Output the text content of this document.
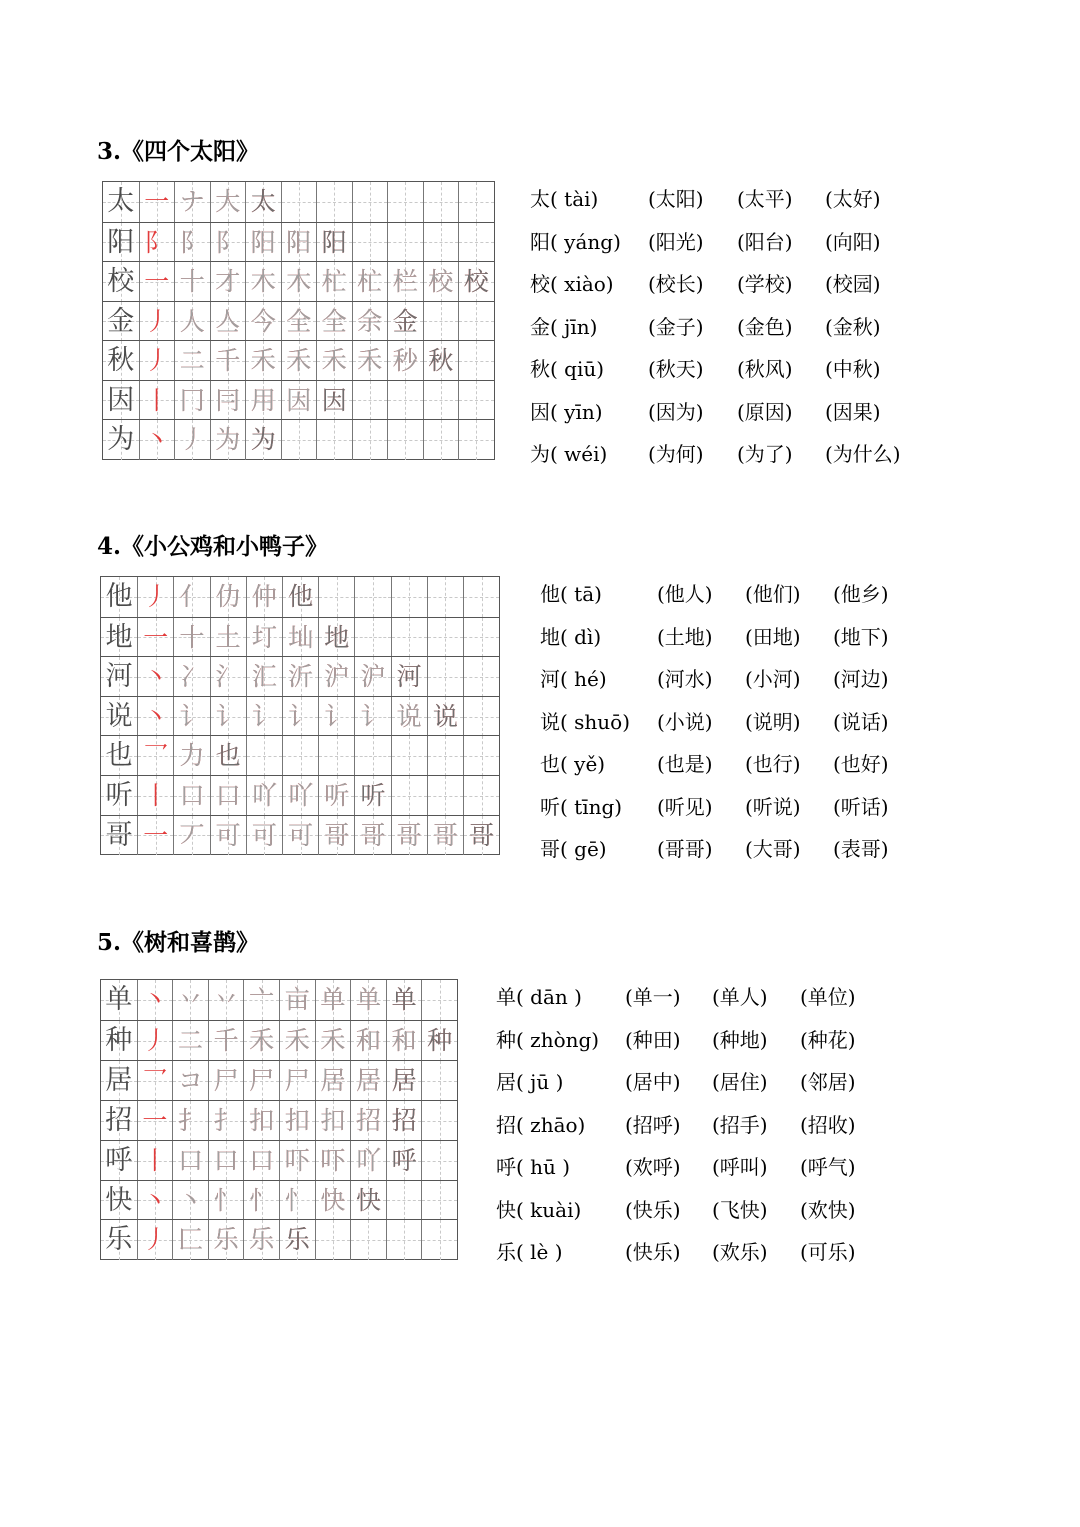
3.《四个太阳》
太 一 ナ 大 太
阳 阝 阝 阝 阳 阳 阳
校 一 十 才 木 木 杧 杧 栏 校 校
金 丿 人 亼 今 全 全 余 金
秋 丿 二 千 禾 禾 禾 禾 秒 秋
因 丨 冂 冃 用 因 因
为 丶 丿 为 为
太( tài) (太阳) (太平) (太好)
阳( yáng) (阳光) (阳台) (向阳)
校( xiào) (校长) (学校) (校园)
金( jīn)	(金子) (金色) (金秋)
秋( qiū) (秋天) (秋风) (中秋)
因( yīn) (因为) (原因) (因果)
为( wéi) (为何) (为了) (为什么)
4.《小公鸡和小鸭子》
他 丿 亻 仂 仲 他
地 一 十 土 圢 圸 地
河 丶 冫 氵 汇 沂 沪 沪 河
说 丶 讠 讠 讠 讠 讠 讠 说 说
也 乛 力 也
听 丨 口 口 吖 吖 听 听
哥 一 丆 可 可 可 哥 哥 哥 哥 哥
他( tā)	(他人) (他们) (他乡)
地( dì)	(土地) (田地) (地下)
河( hé)	(河水) (小河) (河边)
说( shuō) (小说) (说明) (说话)
也( yě)	(也是) (也行) (也好)
听( tīng) (听见) (听说) (听话)
哥( gē)	(哥哥) (大哥) (表哥)
5.《树和喜鹊》
单 丶 丷 丷 亠 亩 单 单 单
种 丿 二 千 禾 禾 禾 和 和 种
居 乛 コ 尸 尸 尸 居 居 居
招 一 扌 扌 扣 扣 扣 招 招
呼 丨 口 口 口 吓 吓 吖 呼
快 丶 丶 忄 忄 忄 快 快
乐 丿 匚 乐 乐 乐
单( dān ) (单一) (单人) (单位)
种( zhòng) (种田) (种地) (种花)
居( jū )	(居中) (居住) (邻居)
招( zhāo) (招呼) (招手) (招收)
呼( hū )	(欢呼) (呼叫) (呼气)
快( kuài) (快乐) (飞快) (欢快)
乐( lè )	(快乐) (欢乐) (可乐)
